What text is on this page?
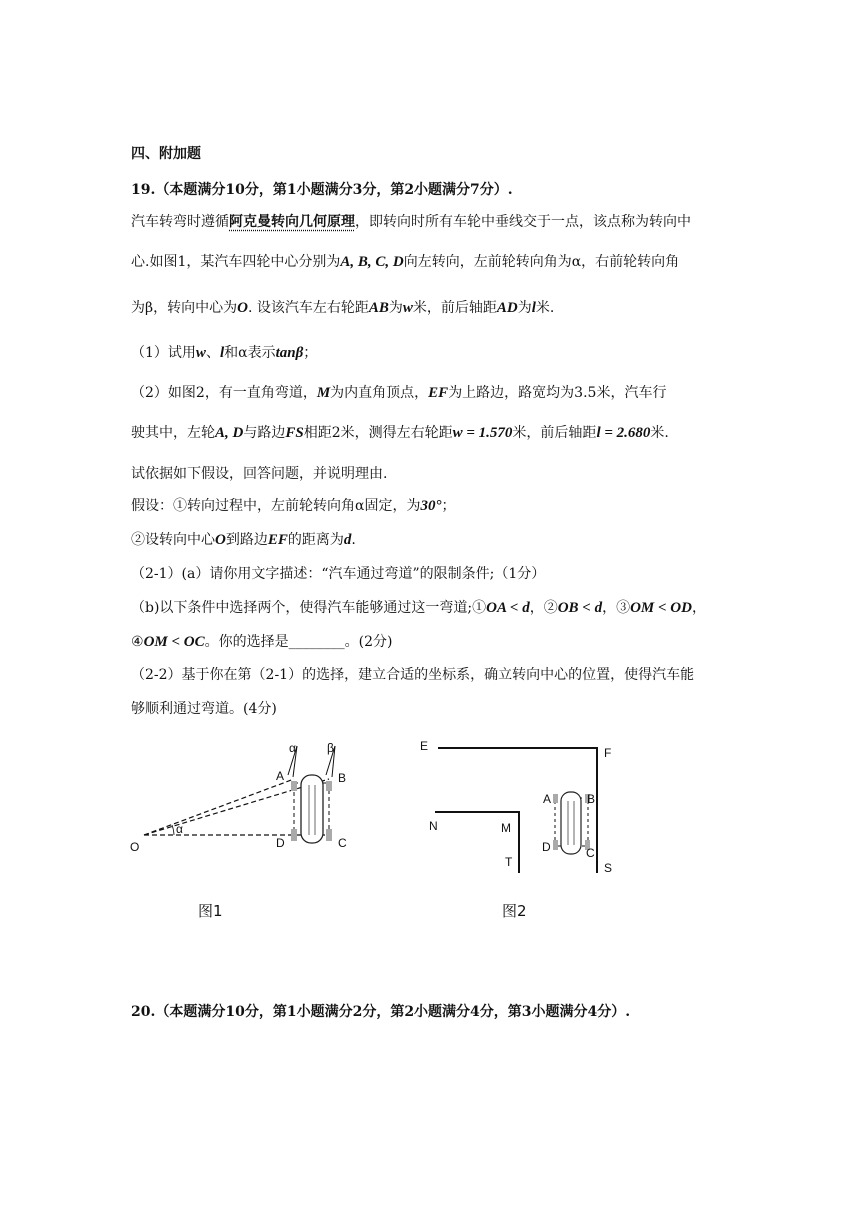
四、附加题
19.（本题满分10分，第1小题满分3分，第2小题满分7分）.
汽车转弯时遵循阿克曼转向几何原理，即转向时所有车轮中垂线交于一点，该点称为转向中
心.如图1，某汽车四轮中心分别为A, B, C, D向左转向，左前轮转向角为α，右前轮转向角
为β，转向中心为O. 设该汽车左右轮距AB为w米，前后轴距AD为l米.
（1）试用w、l和α表示tanβ；
（2）如图2，有一直角弯道，M为内直角顶点，EF为上路边，路宽均为3.5米，汽车行
驶其中，左轮A, D与路边FS相距2米，测得左右轮距w = 1.570米，前后轴距l = 2.680米.
试依据如下假设，回答问题，并说明理由.
假设：①转向过程中，左前轮转向角α固定，为30°；
②设转向中心O到路边EF的距离为d.
（2-1）(a）请你用文字描述：“汽车通过弯道”的限制条件;（1分）
（b)以下条件中选择两个，使得汽车能够通过这一弯道;①OA < d，②OB < d，③OM < OD，
④OM < OC。你的选择是________。(2分)
（2-2）基于你在第（2-1）的选择，建立合适的坐标系，确立转向中心的位置，使得汽车能
够顺利通过弯道。(4分)
α
α	β
A	B
D	C
O
图1
E	F
N	M
T	S
A	B
D	C
图2
20.（本题满分10分，第1小题满分2分，第2小题满分4分，第3小题满分4分）.
